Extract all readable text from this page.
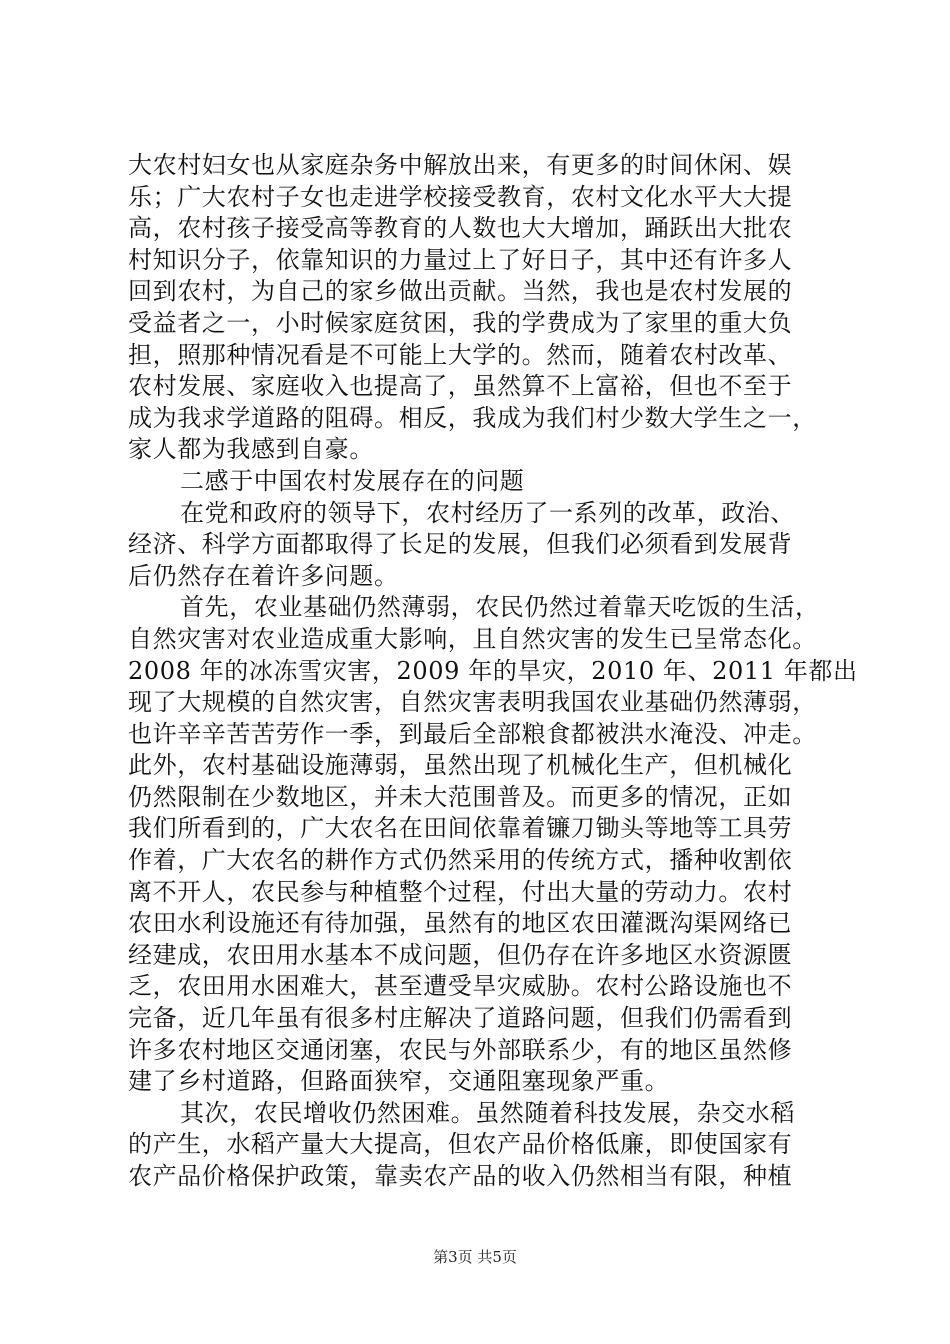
大农村妇女也从家庭杂务中解放出来，有更多的时间休闲、娱
乐；广大农村子女也走进学校接受教育，农村文化水平大大提
高，农村孩子接受高等教育的人数也大大增加，踊跃出大批农
村知识分子，依靠知识的力量过上了好日子，其中还有许多人
回到农村，为自己的家乡做出贡献。当然，我也是农村发展的
受益者之一，小时候家庭贫困，我的学费成为了家里的重大负
担，照那种情况看是不可能上大学的。然而，随着农村改革、
农村发展、家庭收入也提高了，虽然算不上富裕，但也不至于
成为我求学道路的阻碍。相反，我成为我们村少数大学生之一，
家人都为我感到自豪。
二感于中国农村发展存在的问题
在党和政府的领导下，农村经历了一系列的改革，政治、
经济、科学方面都取得了长足的发展，但我们必须看到发展背
后仍然存在着许多问题。
首先，农业基础仍然薄弱，农民仍然过着靠天吃饭的生活，
自然灾害对农业造成重大影响，且自然灾害的发生已呈常态化。
2008 年的冰冻雪灾害，2009 年的旱灾，2010 年、2011 年都出
现了大规模的自然灾害，自然灾害表明我国农业基础仍然薄弱，
也许辛辛苦苦劳作一季，到最后全部粮食都被洪水淹没、冲走。
此外，农村基础设施薄弱，虽然出现了机械化生产，但机械化
仍然限制在少数地区，并未大范围普及。而更多的情况，正如
我们所看到的，广大农名在田间依靠着镰刀锄头等地等工具劳
作着，广大农名的耕作方式仍然采用的传统方式，播种收割依
离不开人，农民参与种植整个过程，付出大量的劳动力。农村
农田水利设施还有待加强，虽然有的地区农田灌溉沟渠网络已
经建成，农田用水基本不成问题，但仍存在许多地区水资源匮
乏，农田用水困难大，甚至遭受旱灾威胁。农村公路设施也不
完备，近几年虽有很多村庄解决了道路问题，但我们仍需看到
许多农村地区交通闭塞，农民与外部联系少，有的地区虽然修
建了乡村道路，但路面狭窄，交通阻塞现象严重。
其次，农民增收仍然困难。虽然随着科技发展，杂交水稻
的产生，水稻产量大大提高，但农产品价格低廉，即使国家有
农产品价格保护政策，靠卖农产品的收入仍然相当有限，种植
第3页 共5页
